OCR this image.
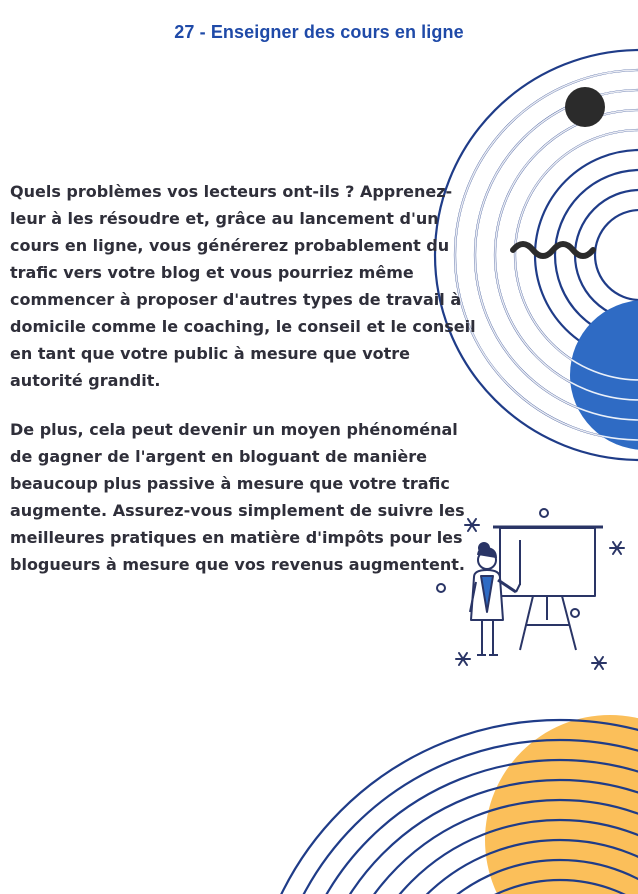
27 - Enseigner des cours en ligne

Quels problèmes vos lecteurs ont-ils ? Apprenez-leur à les résoudre et, grâce au lancement d'un cours en ligne, vous générerez probablement du trafic vers votre blog et vous pourriez même commencer à proposer d'autres types de travail à domicile comme le coaching, le conseil et le conseil en tant que votre public à mesure que votre autorité grandit.

De plus, cela peut devenir un moyen phénoménal de gagner de l'argent en bloguant de manière beaucoup plus passive à mesure que votre trafic augmente. Assurez-vous simplement de suivre les meilleures pratiques en matière d'impôts pour les blogueurs à mesure que vos revenus augmentent.
